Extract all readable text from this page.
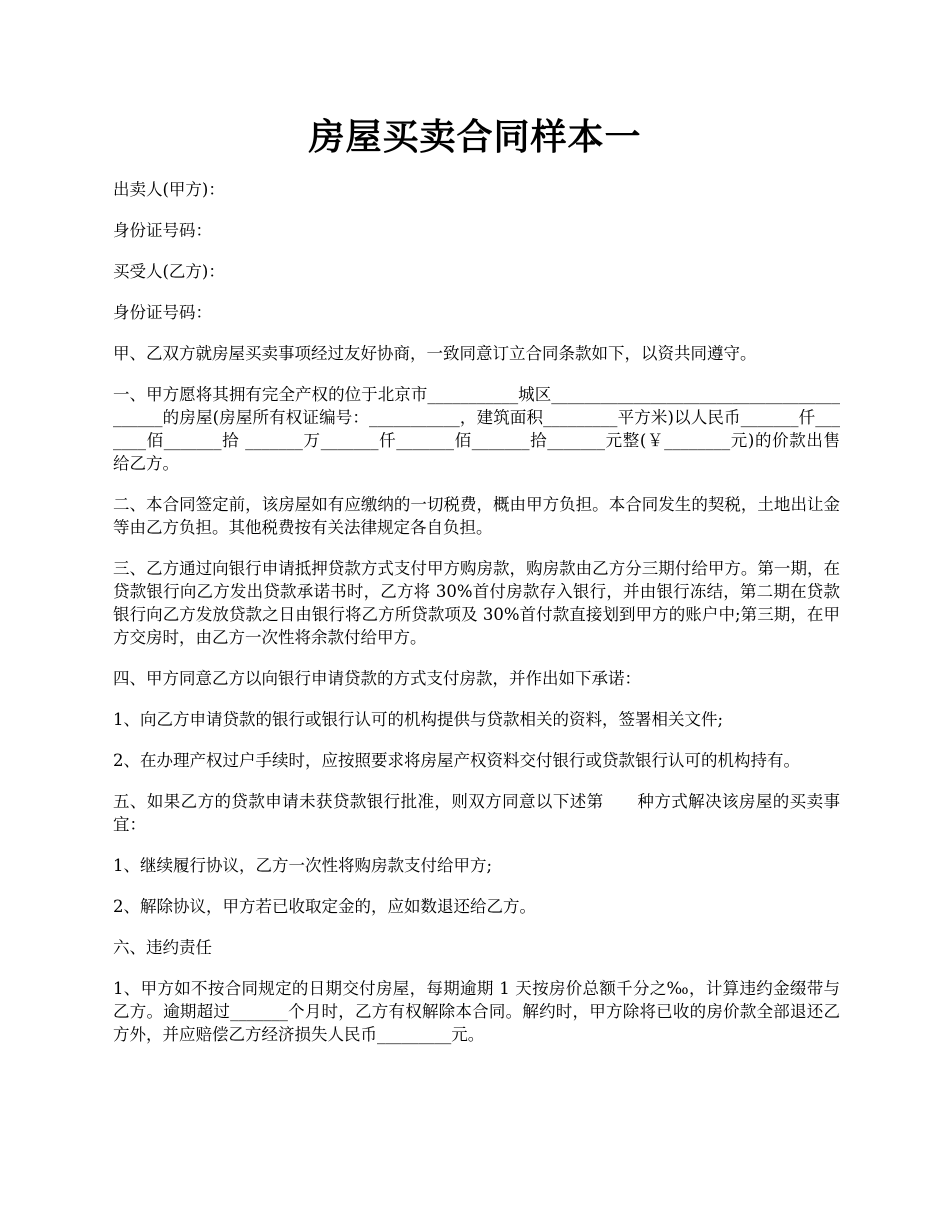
房屋买卖合同样本一

出卖人(甲方)：

身份证号码：

买受人(乙方)：

身份证号码：

甲、乙双方就房屋买卖事项经过友好协商，一致同意订立合同条款如下，以资共同遵守。

一、甲方愿将其拥有完全产权的位于北京市___________城区_________________________________________的房屋(房屋所有权证编号：___________，建筑面积_________平方米)以人民币_______仟_______佰_______拾 _______万_______仟_______佰_______拾_______元整(￥________元)的价款出售给乙方。

二、本合同签定前，该房屋如有应缴纳的一切税费，概由甲方负担。本合同发生的契税，土地出让金等由乙方负担。其他税费按有关法律规定各自负担。

三、乙方通过向银行申请抵押贷款方式支付甲方购房款，购房款由乙方分三期付给甲方。第一期，在贷款银行向乙方发出贷款承诺书时，乙方将 30%首付房款存入银行，并由银行冻结，第二期在贷款银行向乙方发放贷款之日由银行将乙方所贷款项及 30%首付款直接划到甲方的账户中;第三期，在甲方交房时，由乙方一次性将余款付给甲方。

四、甲方同意乙方以向银行申请贷款的方式支付房款，并作出如下承诺：

1、向乙方申请贷款的银行或银行认可的机构提供与贷款相关的资料，签署相关文件;

2、在办理产权过户手续时，应按照要求将房屋产权资料交付银行或贷款银行认可的机构持有。

五、如果乙方的贷款申请未获贷款银行批准，则双方同意以下述第　　种方式解决该房屋的买卖事宜：

1、继续履行协议，乙方一次性将购房款支付给甲方;

2、解除协议，甲方若已收取定金的，应如数退还给乙方。

六、违约责任

1、甲方如不按合同规定的日期交付房屋，每期逾期 1 天按房价总额千分之‰，计算违约金缀带与乙方。逾期超过_______个月时，乙方有权解除本合同。解约时，甲方除将已收的房价款全部退还乙方外，并应赔偿乙方经济损失人民币_________元。
